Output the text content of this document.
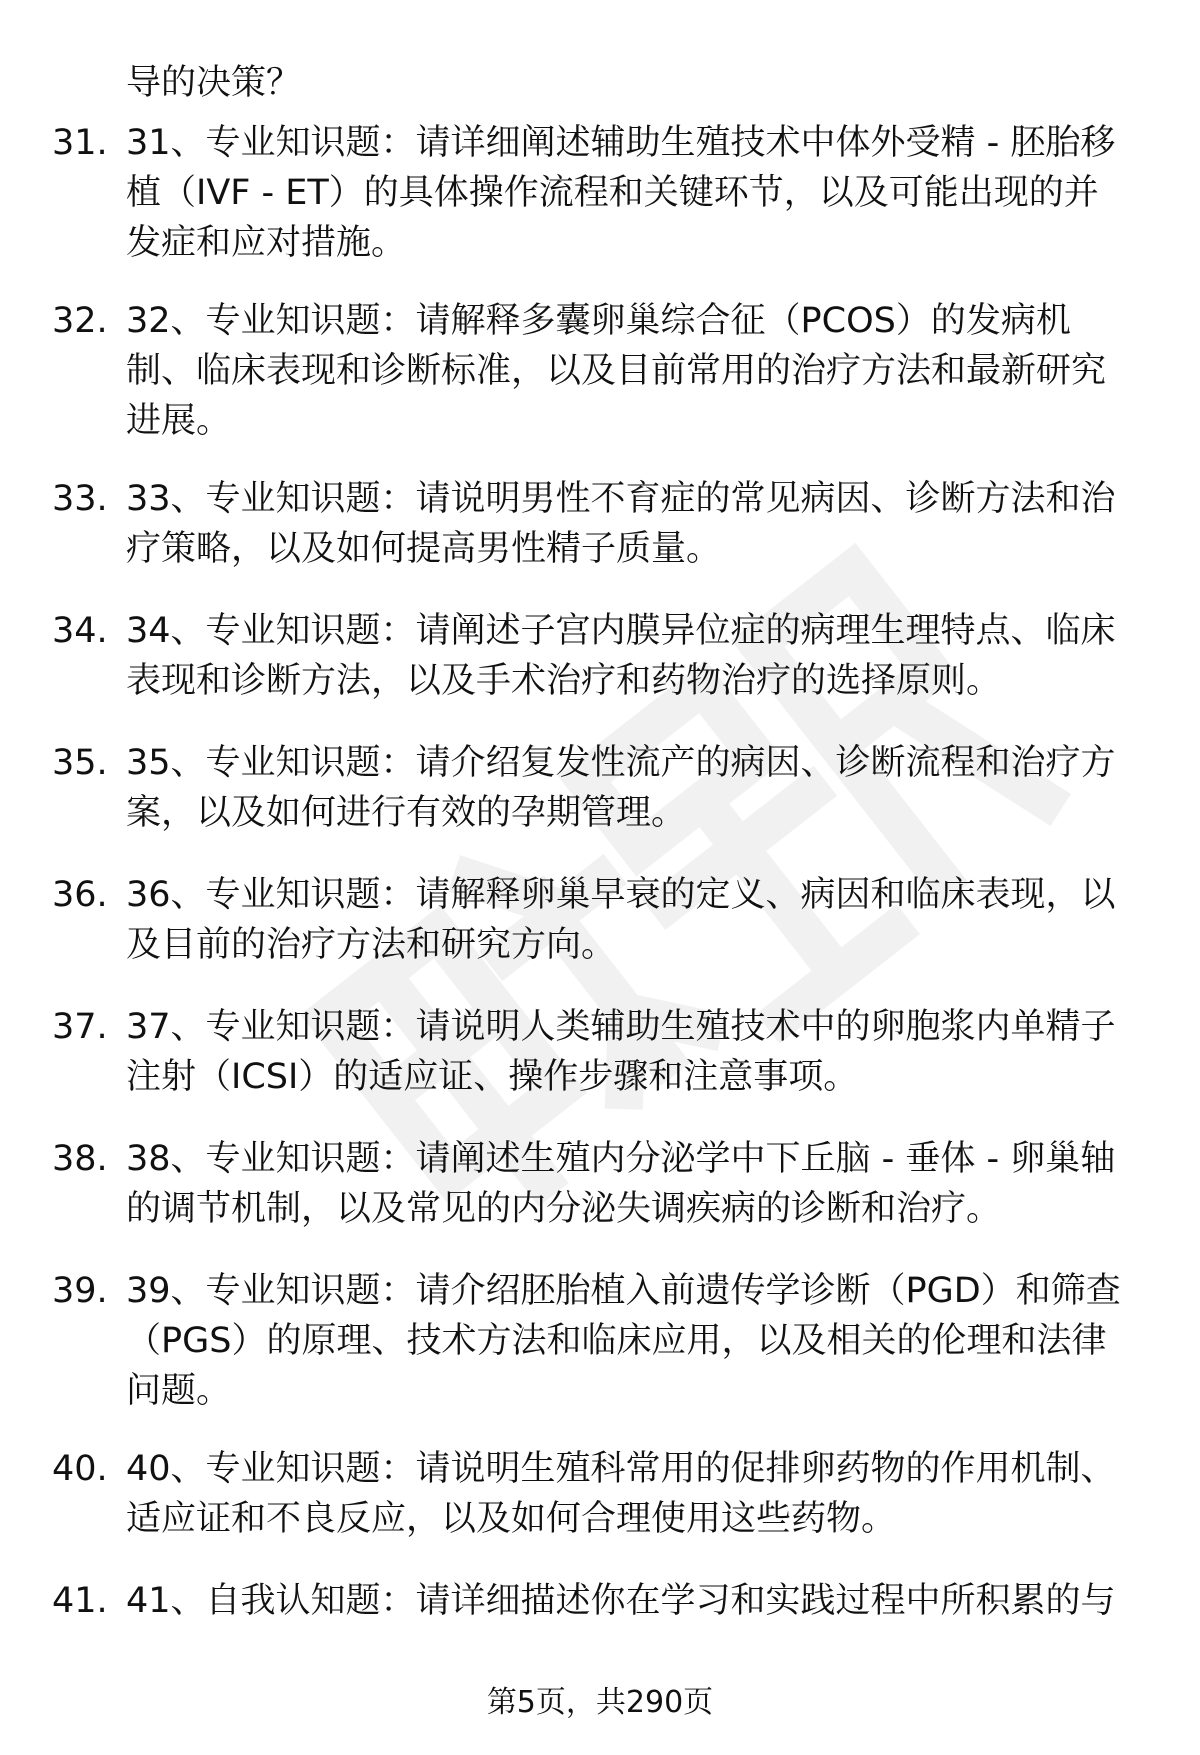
导的决策？
31. 31、专业知识题：请详细阐述辅助生殖技术中体外受精 - 胚胎移
植（IVF - ET）的具体操作流程和关键环节，以及可能出现的并
发症和应对措施。
32. 32、专业知识题：请解释多囊卵巢综合征（PCOS）的发病机
制、临床表现和诊断标准，以及目前常用的治疗方法和最新研究
进展。
33. 33、专业知识题：请说明男性不育症的常见病因、诊断方法和治
疗策略，以及如何提高男性精子质量。
34. 34、专业知识题：请阐述子宫内膜异位症的病理生理特点、临床
表现和诊断方法，以及手术治疗和药物治疗的选择原则。
35. 35、专业知识题：请介绍复发性流产的病因、诊断流程和治疗方
案，以及如何进行有效的孕期管理。
36. 36、专业知识题：请解释卵巢早衰的定义、病因和临床表现，以
及目前的治疗方法和研究方向。
37. 37、专业知识题：请说明人类辅助生殖技术中的卵胞浆内单精子
注射（ICSI）的适应证、操作步骤和注意事项。
38. 38、专业知识题：请阐述生殖内分泌学中下丘脑 - 垂体 - 卵巢轴
的调节机制，以及常见的内分泌失调疾病的诊断和治疗。
39. 39、专业知识题：请介绍胚胎植入前遗传学诊断（PGD）和筛查
（PGS）的原理、技术方法和临床应用，以及相关的伦理和法律
问题。
40. 40、专业知识题：请说明生殖科常用的促排卵药物的作用机制、
适应证和不良反应，以及如何合理使用这些药物。
41. 41、自我认知题：请详细描述你在学习和实践过程中所积累的与
第5页，共290页
